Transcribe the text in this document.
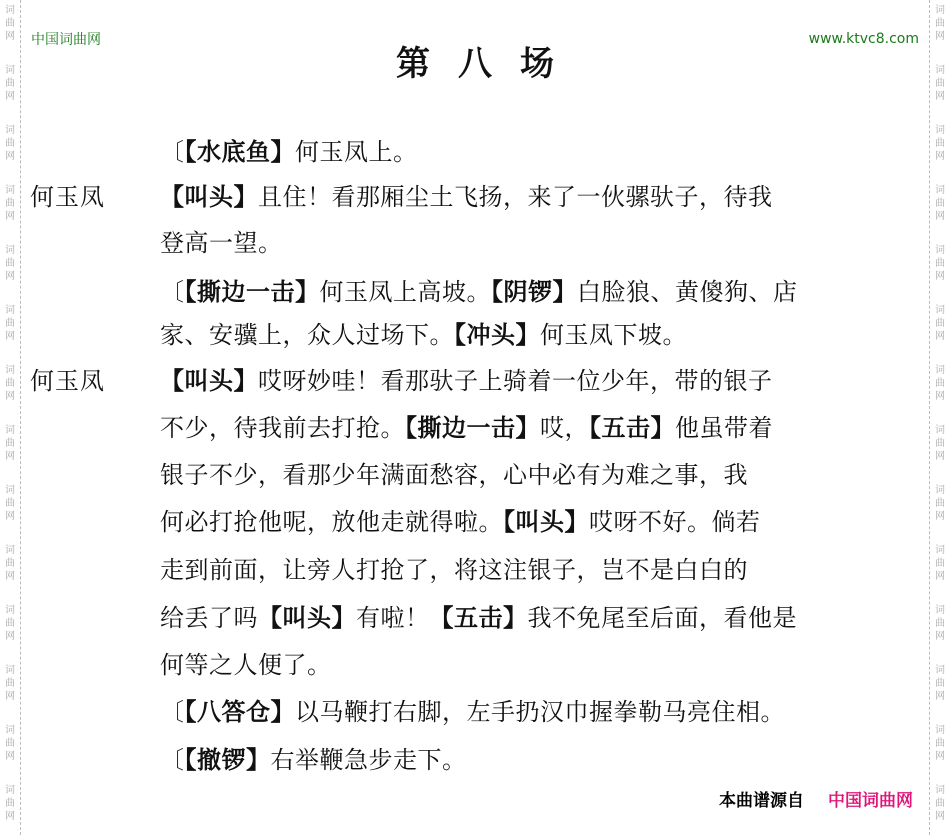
词曲网
词曲网
词曲网
词曲网
词曲网
词曲网
词曲网
词曲网
词曲网
词曲网
词曲网
词曲网
词曲网
词曲网
词曲网
词曲网
词曲网
词曲网
词曲网
词曲网
词曲网
词曲网
词曲网
词曲网
词曲网
词曲网
词曲网
词曲网
中国词曲网	www.ktvc8.com
第八场
何玉凤
何玉凤
〔【水底鱼】何玉凤上。
【叫头】且住！看那厢尘土飞扬，来了一伙骡驮子，待我
登高一望。
〔【撕边一击】何玉凤上高坡。【阴锣】白脸狼、黄傻狗、店
家、安骥上，众人过场下。【冲头】何玉凤下坡。
【叫头】哎呀妙哇！看那驮子上骑着一位少年，带的银子
不少，待我前去打抢。【撕边一击】哎，【五击】他虽带着
银子不少，看那少年满面愁容，心中必有为难之事，我
何必打抢他呢，放他走就得啦。【叫头】哎呀不好。倘若
走到前面，让旁人打抢了，将这注银子，岂不是白白的
给丢了吗【叫头】有啦！【五击】我不免尾至后面，看他是
何等之人便了。
〔【八答仓】以马鞭打右脚，左手扔汉巾握拳勒马亮住相。
〔【撤锣】右举鞭急步走下。
本曲谱源自 中国词曲网
